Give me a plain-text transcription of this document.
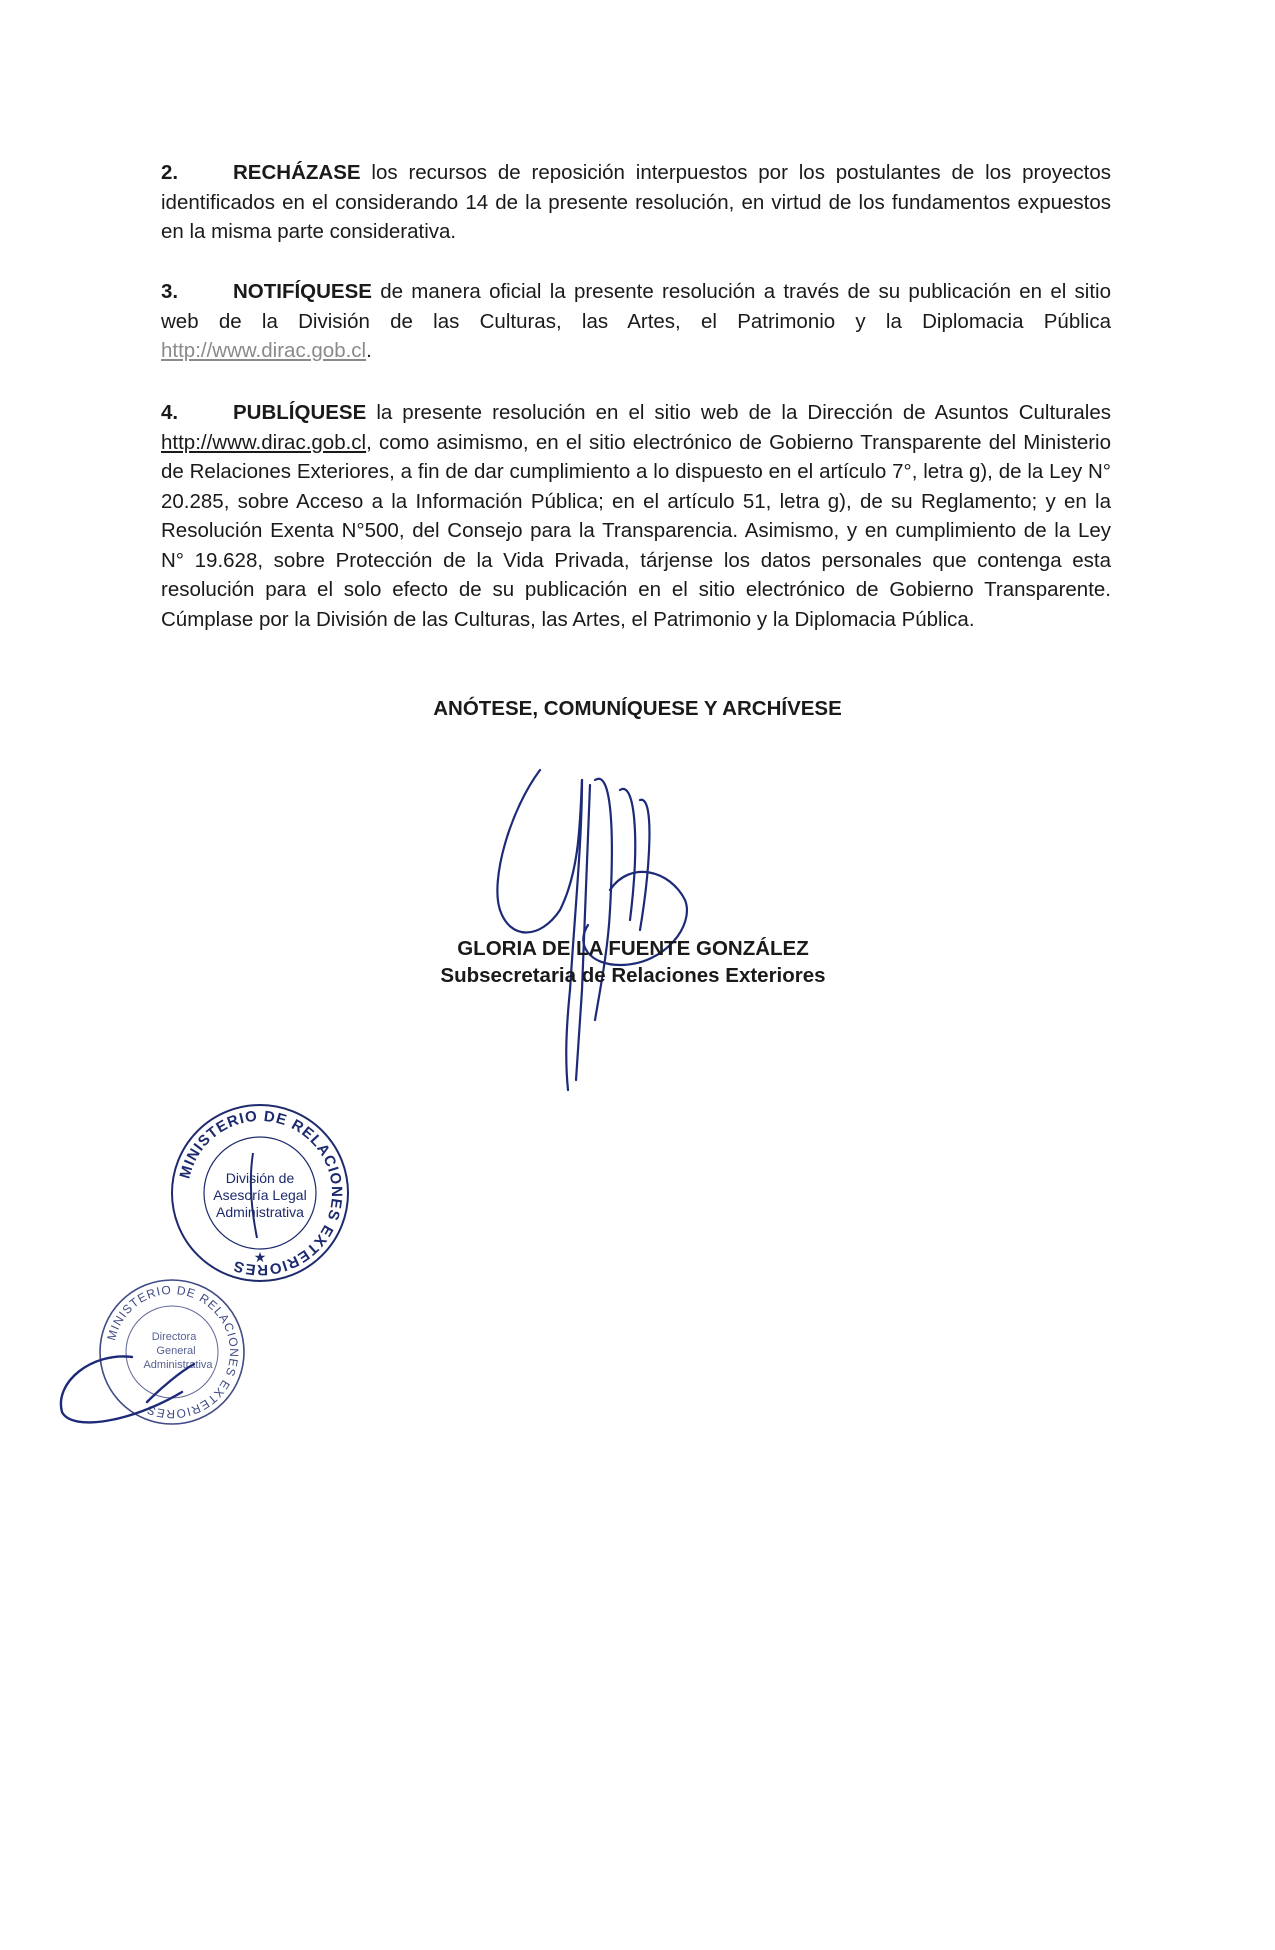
2.	RECHÁZASE los recursos de reposición interpuestos por los postulantes de los proyectos identificados en el considerando 14 de la presente resolución, en virtud de los fundamentos expuestos en la misma parte considerativa.
3.	NOTIFÍQUESE de manera oficial la presente resolución a través de su publicación en el sitio web de la División de las Culturas, las Artes, el Patrimonio y la Diplomacia Pública http://www.dirac.gob.cl.
4.	PUBLÍQUESE la presente resolución en el sitio web de la Dirección de Asuntos Culturales http://www.dirac.gob.cl, como asimismo, en el sitio electrónico de Gobierno Transparente del Ministerio de Relaciones Exteriores, a fin de dar cumplimiento a lo dispuesto en el artículo 7°, letra g), de la Ley N° 20.285, sobre Acceso a la Información Pública; en el artículo 51, letra g), de su Reglamento; y en la Resolución Exenta N°500, del Consejo para la Transparencia. Asimismo, y en cumplimiento de la Ley N° 19.628, sobre Protección de la Vida Privada, tárjense los datos personales que contenga esta resolución para el solo efecto de su publicación en el sitio electrónico de Gobierno Transparente. Cúmplase por la División de las Culturas, las Artes, el Patrimonio y la Diplomacia Pública.
ANÓTESE, COMUNÍQUESE Y ARCHÍVESE
GLORIA DE LA FUENTE GONZÁLEZ
Subsecretaria de Relaciones Exteriores
MINISTERIO DE RELACIONES EXTERIORES
División de
Asesoría Legal
Administrativa
★
MINISTERIO DE RELACIONES EXTERIORES
Directora
General
Administrativa
